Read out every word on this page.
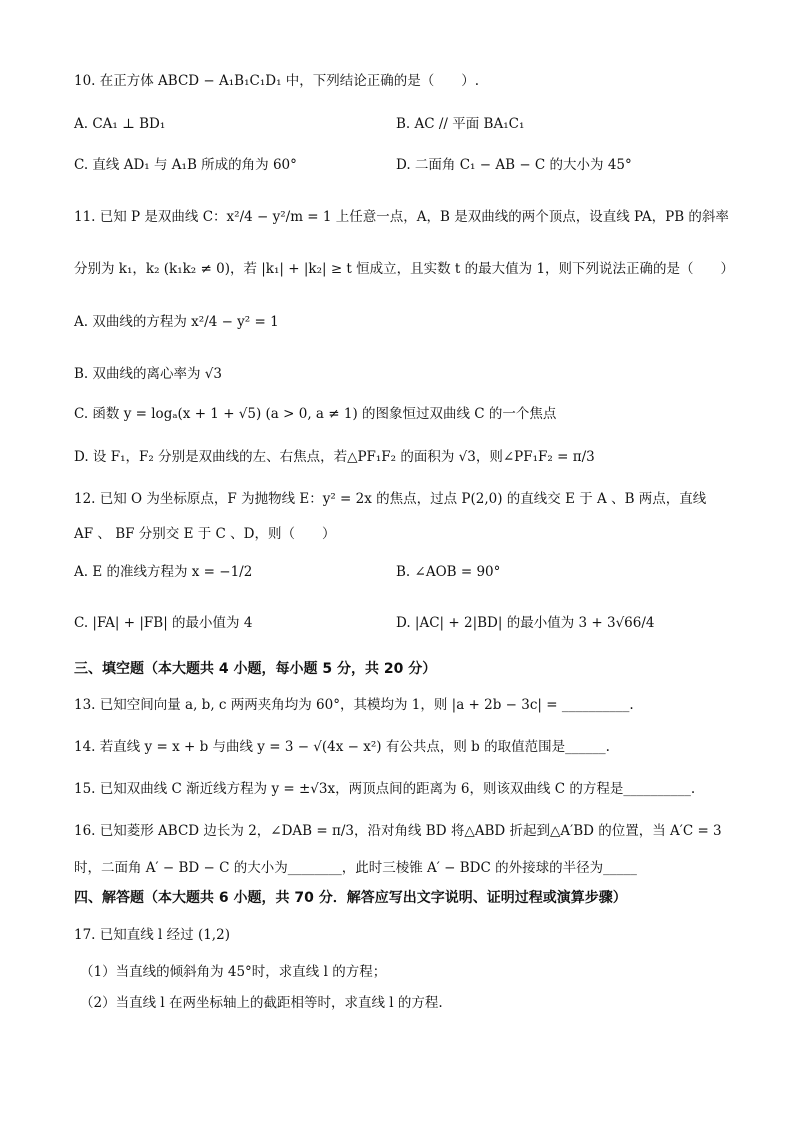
10. 在正方体 ABCD − A₁B₁C₁D₁ 中，下列结论正确的是（　　）.
A. CA₁ ⊥ BD₁	B. AC // 平面 BA₁C₁
C. 直线 AD₁ 与 A₁B 所成的角为 60°	D. 二面角 C₁ − AB − C 的大小为 45°
11. 已知 P 是双曲线 C：x²/4 − y²/m = 1 上任意一点，A，B 是双曲线的两个顶点，设直线 PA，PB 的斜率
分别为 k₁，k₂ (k₁k₂ ≠ 0)，若 |k₁| + |k₂| ≥ t 恒成立，且实数 t 的最大值为 1，则下列说法正确的是（　　）
A. 双曲线的方程为 x²/4 − y² = 1
B. 双曲线的离心率为 √3
C. 函数 y = logₐ(x + 1 + √5) (a > 0, a ≠ 1) 的图象恒过双曲线 C 的一个焦点
D. 设 F₁，F₂ 分别是双曲线的左、右焦点，若△PF₁F₂ 的面积为 √3，则∠PF₁F₂ = π/3
12. 已知 O 为坐标原点，F 为抛物线 E：y² = 2x 的焦点，过点 P(2,0) 的直线交 E 于 A 、B 两点，直线
AF 、 BF 分别交 E 于 C 、D，则（　　）
A. E 的准线方程为 x = −1/2	B. ∠AOB = 90°
C. |FA| + |FB| 的最小值为 4	D. |AC| + 2|BD| 的最小值为 3 + 3√66/4
三、填空题（本大题共 4 小题，每小题 5 分，共 20 分）
13. 已知空间向量 a, b, c 两两夹角均为 60°，其模均为 1，则 |a + 2b − 3c| = __________.
14. 若直线 y = x + b 与曲线 y = 3 − √(4x − x²) 有公共点，则 b 的取值范围是______.
15. 已知双曲线 C 渐近线方程为 y = ±√3x，两顶点间的距离为 6，则该双曲线 C 的方程是__________.
16. 已知菱形 ABCD 边长为 2，∠DAB = π/3，沿对角线 BD 将△ABD 折起到△A′BD 的位置，当 A′C = 3
时，二面角 A′ − BD − C 的大小为________，此时三棱锥 A′ − BDC 的外接球的半径为_____
四、解答题（本大题共 6 小题，共 70 分．解答应写出文字说明、证明过程或演算步骤）
17. 已知直线 l 经过 (1,2)
（1）当直线的倾斜角为 45°时，求直线 l 的方程；
（2）当直线 l 在两坐标轴上的截距相等时，求直线 l 的方程.
